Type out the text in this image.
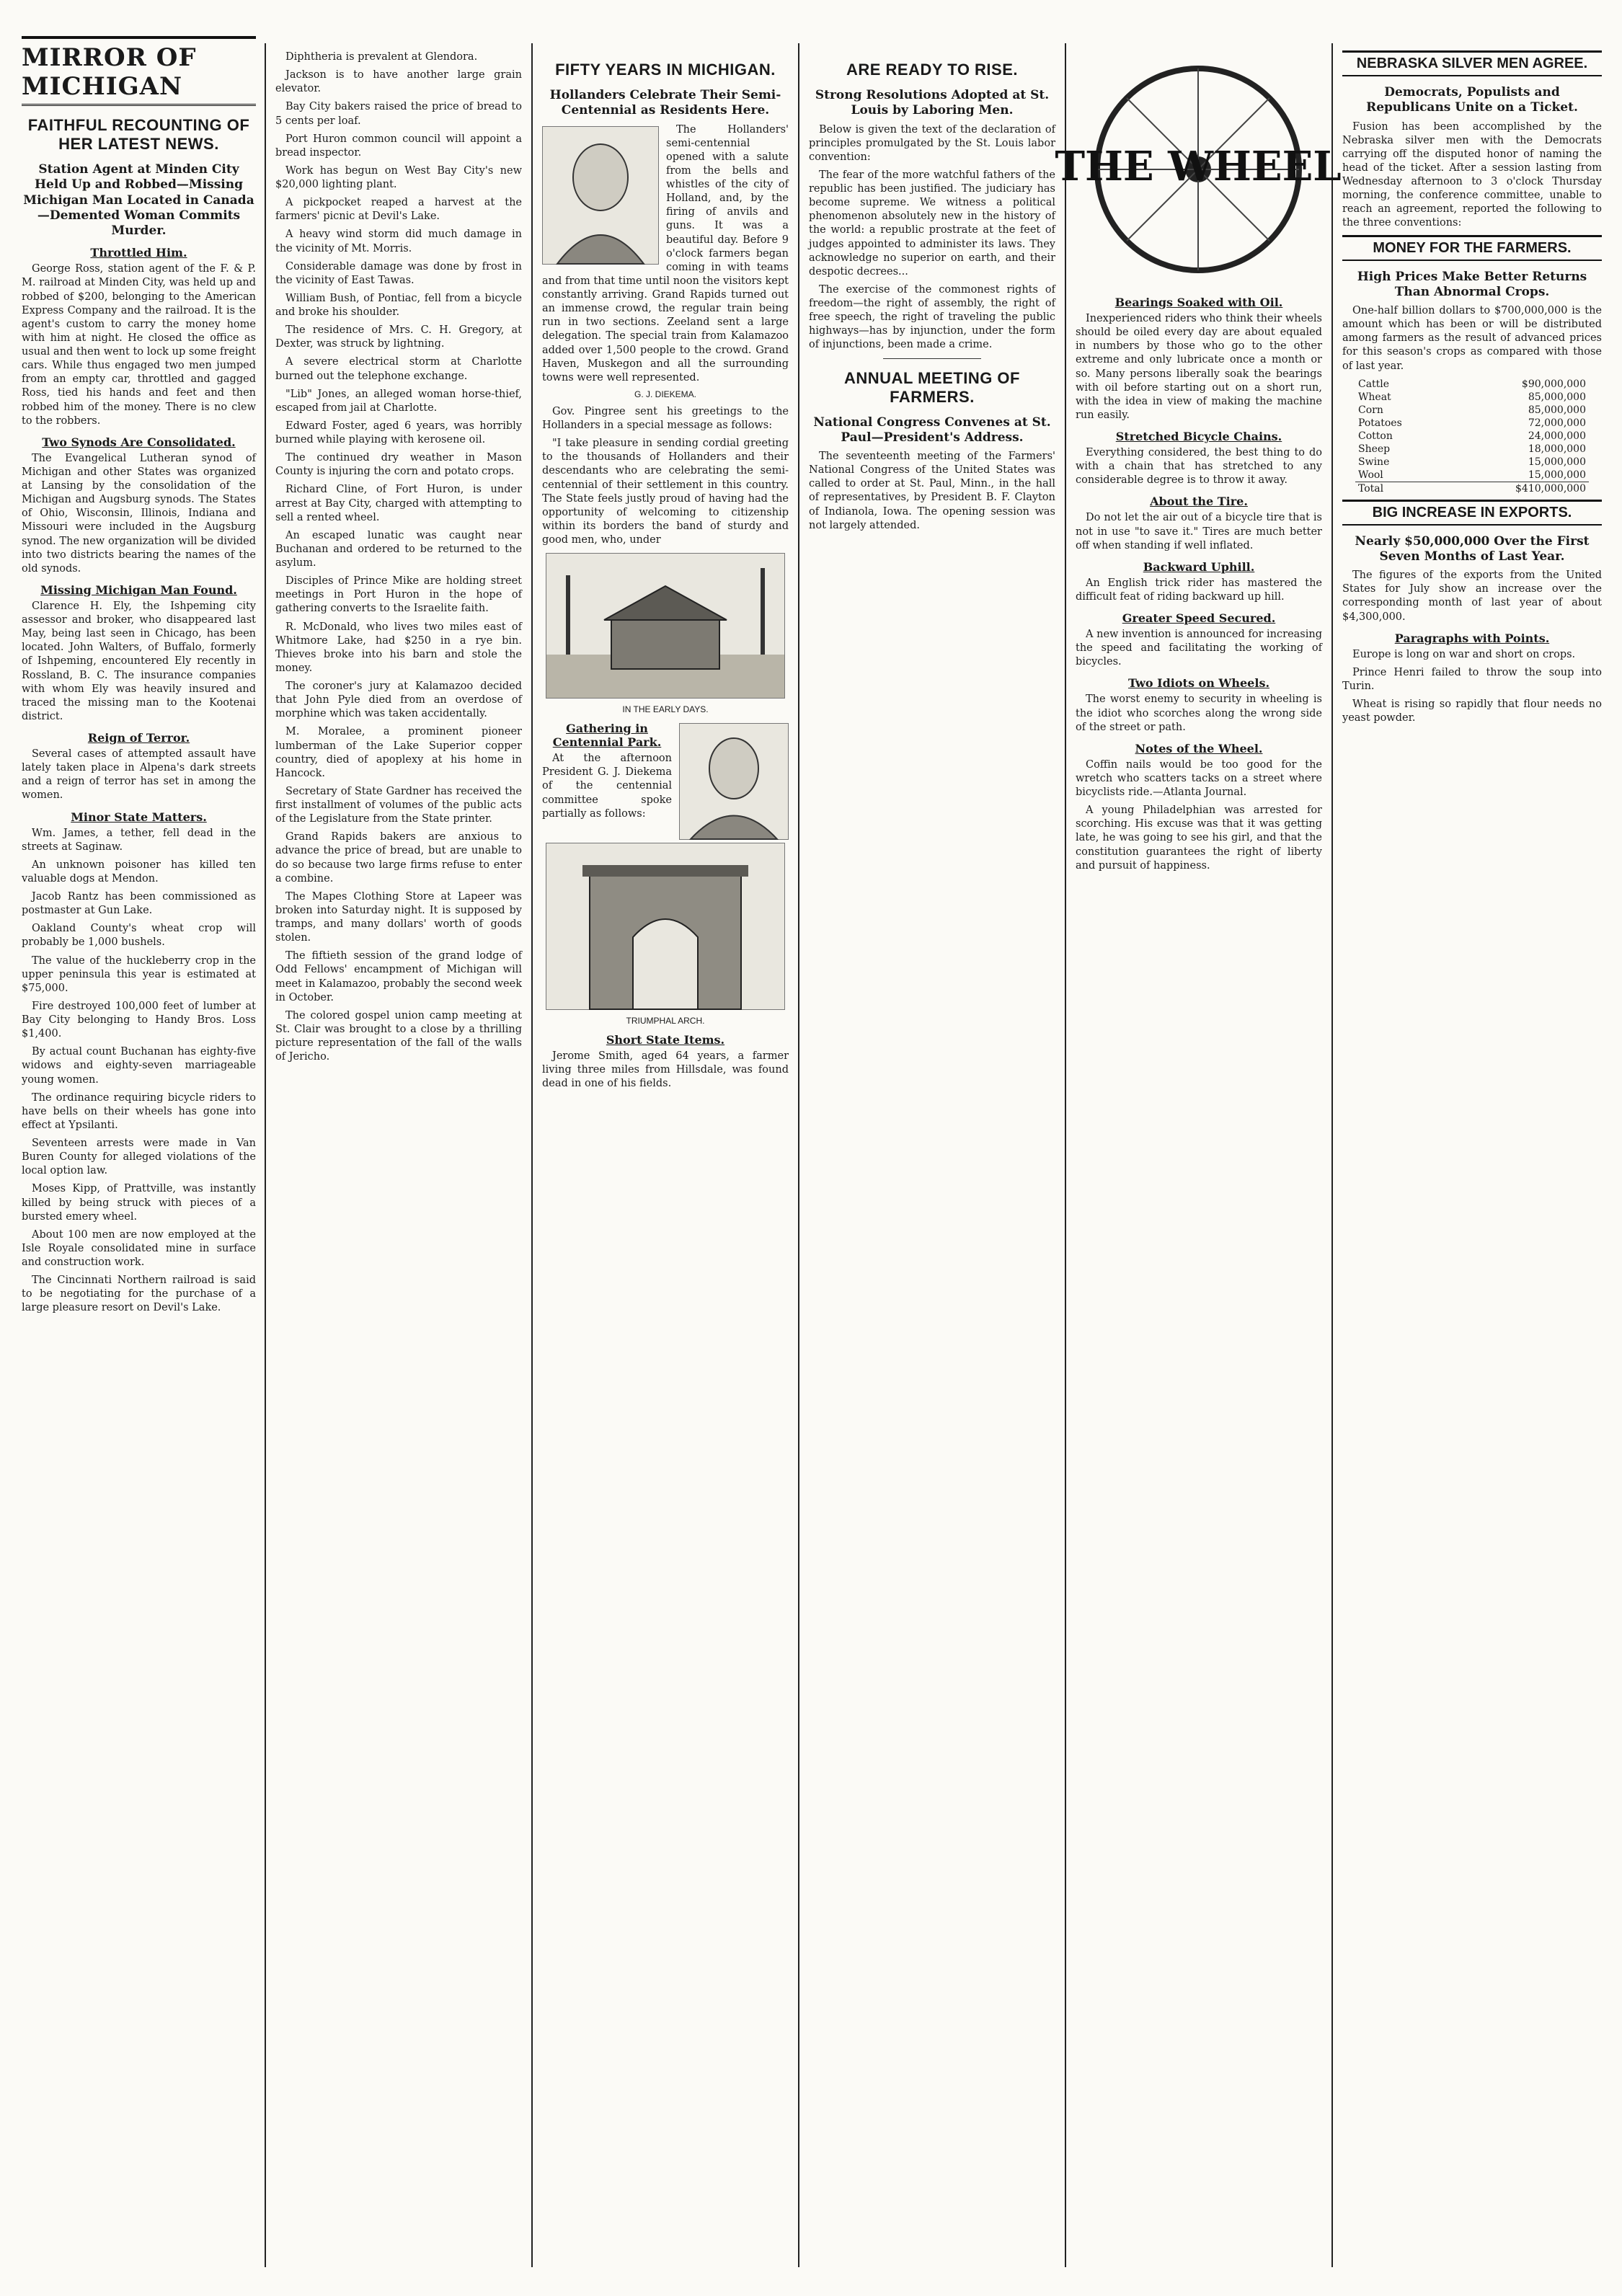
MIRROR OF MICHIGAN
FAITHFUL RECOUNTING OF HER LATEST NEWS.
Station Agent at Minden City Held Up and Robbed—Missing Michigan Man Located in Canada—Demented Woman Commits Murder.
Throttled Him.

George Ross, station agent of the F. & P. M. railroad at Minden City, was held up and robbed of $200, belonging to the American Express Company and the railroad. It is the agent's custom to carry the money home with him at night. He closed the office as usual and then went to lock up some freight cars. While thus engaged two men jumped from an empty car, throttled and gagged Ross, tied his hands and feet and then robbed him of the money. There is no clew to the robbers.

Two Synods Are Consolidated.

The Evangelical Lutheran synod of Michigan and other States was organized at Lansing by the consolidation of the Michigan and Augsburg synods. The States of Ohio, Wisconsin, Illinois, Indiana and Missouri were included in the Augsburg synod. The new organization will be divided into two districts bearing the names of the old synods.

Missing Michigan Man Found.

Clarence H. Ely, the Ishpeming city assessor and broker, who disappeared last May, being last seen in Chicago, has been located. John Walters, of Buffalo, formerly of Ishpeming, encountered Ely recently in Rossland, B. C. The insurance companies with whom Ely was heavily insured and traced the missing man to the Kootenai district.

Reign of Terror.

Several cases of attempted assault have lately taken place in Alpena's dark streets and a reign of terror has set in among the women.

Minor State Matters.

Wm. James, a tether, fell dead in the streets at Saginaw.

An unknown poisoner has killed ten valuable dogs at Mendon.

Jacob Rantz has been commissioned as postmaster at Gun Lake.

Oakland County's wheat crop will probably be 1,000 bushels.

The value of the huckleberry crop in the upper peninsula this year is estimated at $75,000.

Fire destroyed 100,000 feet of lumber at Bay City belonging to Handy Bros. Loss $1,400.

By actual count Buchanan has eighty-five widows and eighty-seven marriageable young women.

The ordinance requiring bicycle riders to have bells on their wheels has gone into effect at Ypsilanti.

Seventeen arrests were made in Van Buren County for alleged violations of the local option law.

Moses Kipp, of Prattville, was instantly killed by being struck with pieces of a bursted emery wheel.

About 100 men are now employed at the Isle Royale consolidated mine in surface and construction work.

The Cincinnati Northern railroad is said to be negotiating for the purchase of a large pleasure resort on Devil's Lake.

Diphtheria is prevalent at Glendora.

Jackson is to have another large grain elevator.

Bay City bakers raised the price of bread to 5 cents per loaf.

Port Huron common council will appoint a bread inspector.

Work has begun on West Bay City's new $20,000 lighting plant.

A pickpocket reaped a harvest at the farmers' picnic at Devil's Lake.

A heavy wind storm did much damage in the vicinity of Mt. Morris.

Considerable damage was done by frost in the vicinity of East Tawas.

William Bush, of Pontiac, fell from a bicycle and broke his shoulder.

The residence of Mrs. C. H. Gregory, at Dexter, was struck by lightning.

A severe electrical storm at Charlotte burned out the telephone exchange.

"Lib" Jones, an alleged woman horse-thief, escaped from jail at Charlotte.

Edward Foster, aged 6 years, was horribly burned while playing with kerosene oil.

The continued dry weather in Mason County is injuring the corn and potato crops.

Richard Cline, of Fort Huron, is under arrest at Bay City, charged with attempting to sell a rented wheel.

An escaped lunatic was caught near Buchanan and ordered to be returned to the asylum.

Disciples of Prince Mike are holding street meetings in Port Huron in the hope of gathering converts to the Israelite faith.

R. McDonald, who lives two miles east of Whitmore Lake, had $250 in a rye bin. Thieves broke into his barn and stole the money.

The coroner's jury at Kalamazoo decided that John Pyle died from an overdose of morphine which was taken accidentally.

M. Moralee, a prominent pioneer lumberman of the Lake Superior copper country, died of apoplexy at his home in Hancock.

Secretary of State Gardner has received the first installment of volumes of the public acts of the Legislature from the State printer.

Grand Rapids bakers are anxious to advance the price of bread, but are unable to do so because two large firms refuse to enter a combine.

The Mapes Clothing Store at Lapeer was broken into Saturday night. It is supposed by tramps, and many dollars' worth of goods stolen.

The fiftieth session of the grand lodge of Odd Fellows' encampment of Michigan will meet in Kalamazoo, probably the second week in October.

The colored gospel union camp meeting at St. Clair was brought to a close by a thrilling picture representation of the fall of the walls of Jericho.

FIFTY YEARS IN MICHIGAN.
Hollanders Celebrate Their Semi-Centennial as Residents Here.

The Hollanders' semi-centennial opened with a salute from the bells and whistles of the city of Holland, and, by the firing of anvils and guns. It was a beautiful day. Before 9 o'clock farmers began coming in with teams and from that time until noon the visitors kept constantly arriving. Grand Rapids turned out an immense crowd, the regular train being run in two sections. Zeeland sent a large delegation. The special train from Kalamazoo added over 1,500 people to the crowd. Grand Haven, Muskegon and all the surrounding towns were well represented.

G. J. DIEKEMA.

Gov. Pingree sent his greetings to the Hollanders in a special message as follows:

"I take pleasure in sending cordial greeting to the thousands of Hollanders and their descendants who are celebrating the semi-centennial of their settlement in this country. The State feels justly proud of having had the opportunity of welcoming to citizenship within its borders the band of sturdy and good men, who, under

IN THE EARLY DAYS.
Gathering in Centennial Park.

At the afternoon President G. J. Diekema of the centennial committee spoke partially as follows:

TRIUMPHAL ARCH.
Short State Items.

Jerome Smith, aged 64 years, a farmer living three miles from Hillsdale, was found dead in one of his fields.

ARE READY TO RISE.
Strong Resolutions Adopted at St. Louis by Laboring Men.

Below is given the text of the declaration of principles promulgated by the St. Louis labor convention:

The fear of the more watchful fathers of the republic has been justified. The judiciary has become supreme. We witness a political phenomenon absolutely new in the history of the world: a republic prostrate at the feet of judges appointed to administer its laws. They acknowledge no superior on earth, and their despotic decrees...

The exercise of the commonest rights of freedom—the right of assembly, the right of free speech, the right of traveling the public highways—has by injunction, under the form of injunctions, been made a crime.

ANNUAL MEETING OF FARMERS.
National Congress Convenes at St. Paul—President's Address.

The seventeenth meeting of the Farmers' National Congress of the United States was called to order at St. Paul, Minn., in the hall of representatives, by President B. F. Clayton of Indianola, Iowa. The opening session was not largely attended.

THE WHEEL
Bearings Soaked with Oil.

Inexperienced riders who think their wheels should be oiled every day are about equaled in numbers by those who go to the other extreme and only lubricate once a month or so. Many persons liberally soak the bearings with oil before starting out on a short run, with the idea in view of making the machine run easily.

Stretched Bicycle Chains.

Everything considered, the best thing to do with a chain that has stretched to any considerable degree is to throw it away.

About the Tire.

Do not let the air out of a bicycle tire that is not in use "to save it." Tires are much better off when standing if well inflated.

Backward Uphill.

An English trick rider has mastered the difficult feat of riding backward up hill.

Greater Speed Secured.

A new invention is announced for increasing the speed and facilitating the working of bicycles.

Two Idiots on Wheels.

The worst enemy to security in wheeling is the idiot who scorches along the wrong side of the street or path.

Notes of the Wheel.

Coffin nails would be too good for the wretch who scatters tacks on a street where bicyclists ride.—Atlanta Journal.

A young Philadelphian was arrested for scorching. His excuse was that it was getting late, he was going to see his girl, and that the constitution guarantees the right of liberty and pursuit of happiness.

NEBRASKA SILVER MEN AGREE.
Democrats, Populists and Republicans Unite on a Ticket.

Fusion has been accomplished by the Nebraska silver men with the Democrats carrying off the disputed honor of naming the head of the ticket. After a session lasting from Wednesday afternoon to 3 o'clock Thursday morning, the conference committee, unable to reach an agreement, reported the following to the three conventions:

MONEY FOR THE FARMERS.
High Prices Make Better Returns Than Abnormal Crops.

One-half billion dollars to $700,000,000 is the amount which has been or will be distributed among farmers as the result of advanced prices for this season's crops as compared with those of last year.

Cattle	$90,000,000
Wheat	85,000,000
Corn	85,000,000
Potatoes	72,000,000
Cotton	24,000,000
Sheep	18,000,000
Swine	15,000,000
Wool	15,000,000
Total	$410,000,000
BIG INCREASE IN EXPORTS.
Nearly $50,000,000 Over the First Seven Months of Last Year.

The figures of the exports from the United States for July show an increase over the corresponding month of last year of about $4,300,000.

Paragraphs with Points.

Europe is long on war and short on crops.

Prince Henri failed to throw the soup into Turin.

Wheat is rising so rapidly that flour needs no yeast powder.
